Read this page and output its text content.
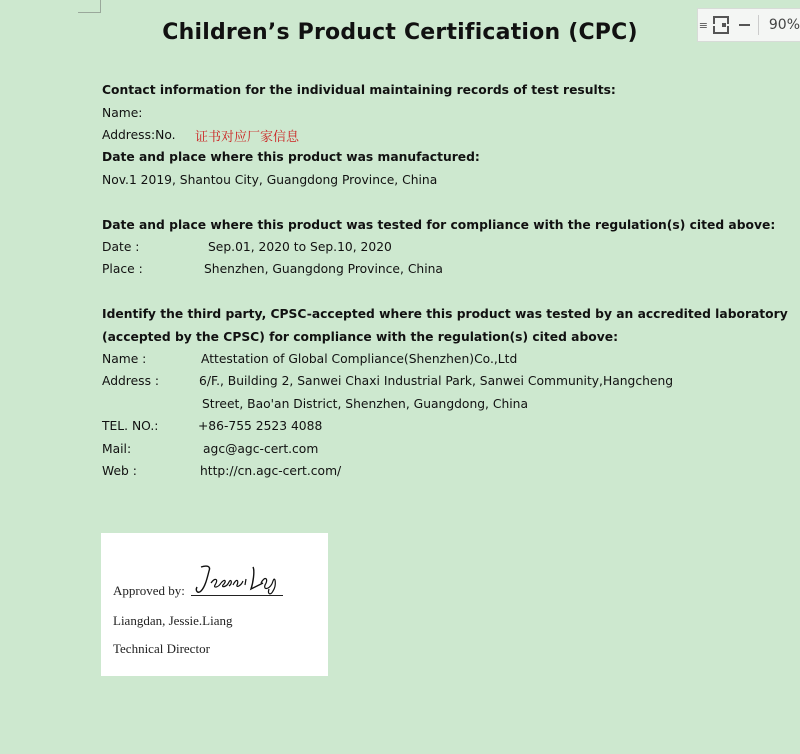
≡	90%
Children’s Product Certification (CPC)
Contact information for the individual maintaining records of test results:
Name:
Address:No. 证书对应厂家信息
Date and place where this product was manufactured:
Nov.1 2019, Shantou City, Guangdong Province, China
Date and place where this product was tested for compliance with the regulation(s) cited above:
Date :	Sep.01, 2020 to Sep.10, 2020
Place :	Shenzhen, Guangdong Province, China
Identify the third party, CPSC-accepted where this product was tested by an accredited laboratory
(accepted by the CPSC) for compliance with the regulation(s) cited above:
Name :	Attestation of Global Compliance(Shenzhen)Co.,Ltd
Address :	6/F., Building 2, Sanwei Chaxi Industrial Park, Sanwei Community,Hangcheng
Street, Bao'an District, Shenzhen, Guangdong, China
TEL. NO.:	+86-755 2523 4088
Mail:	agc@agc-cert.com
Web :	http://cn.agc-cert.com/
Approved by:
Liangdan, Jessie.Liang
Technical Director
